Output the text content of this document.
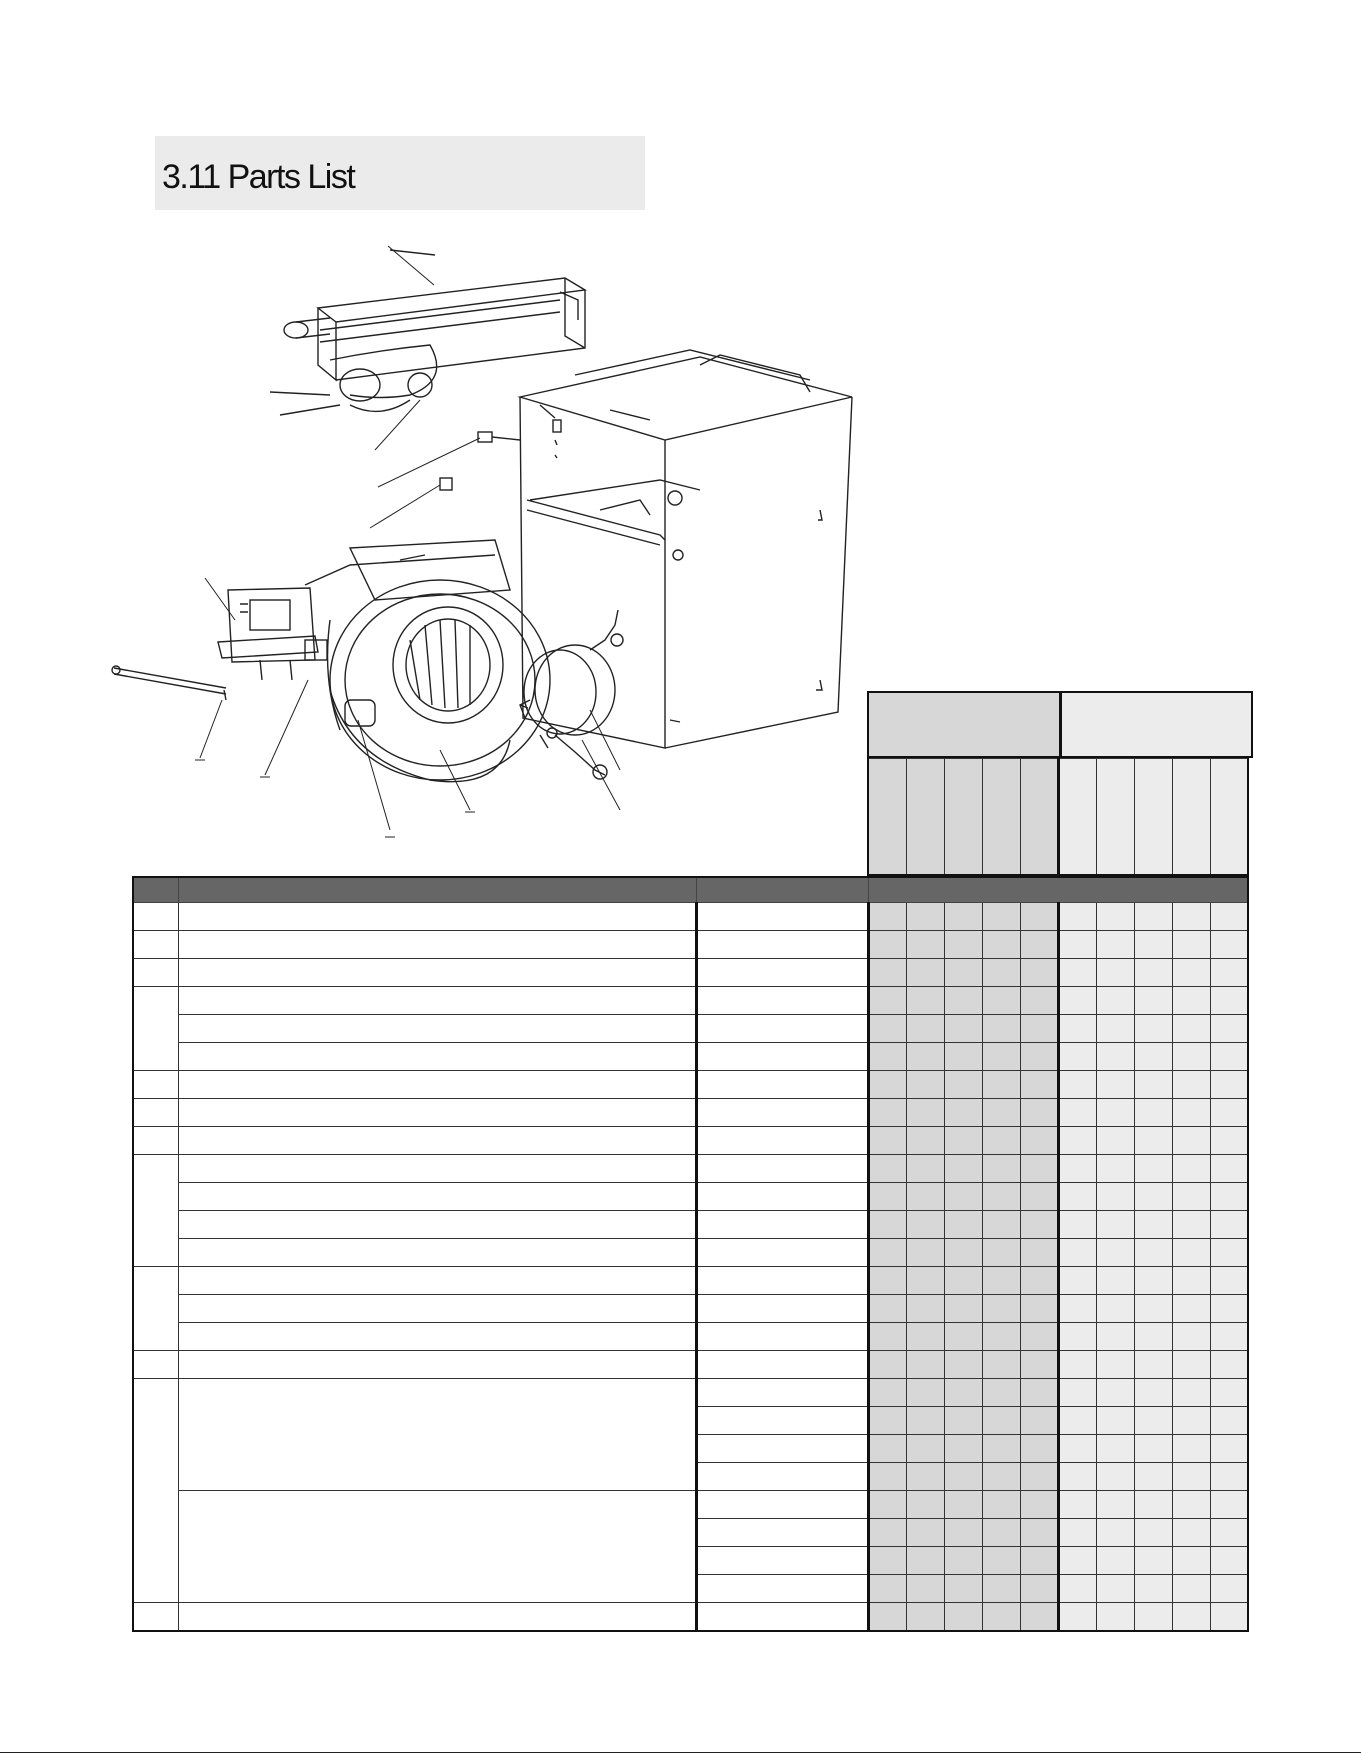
3.11 Parts List
